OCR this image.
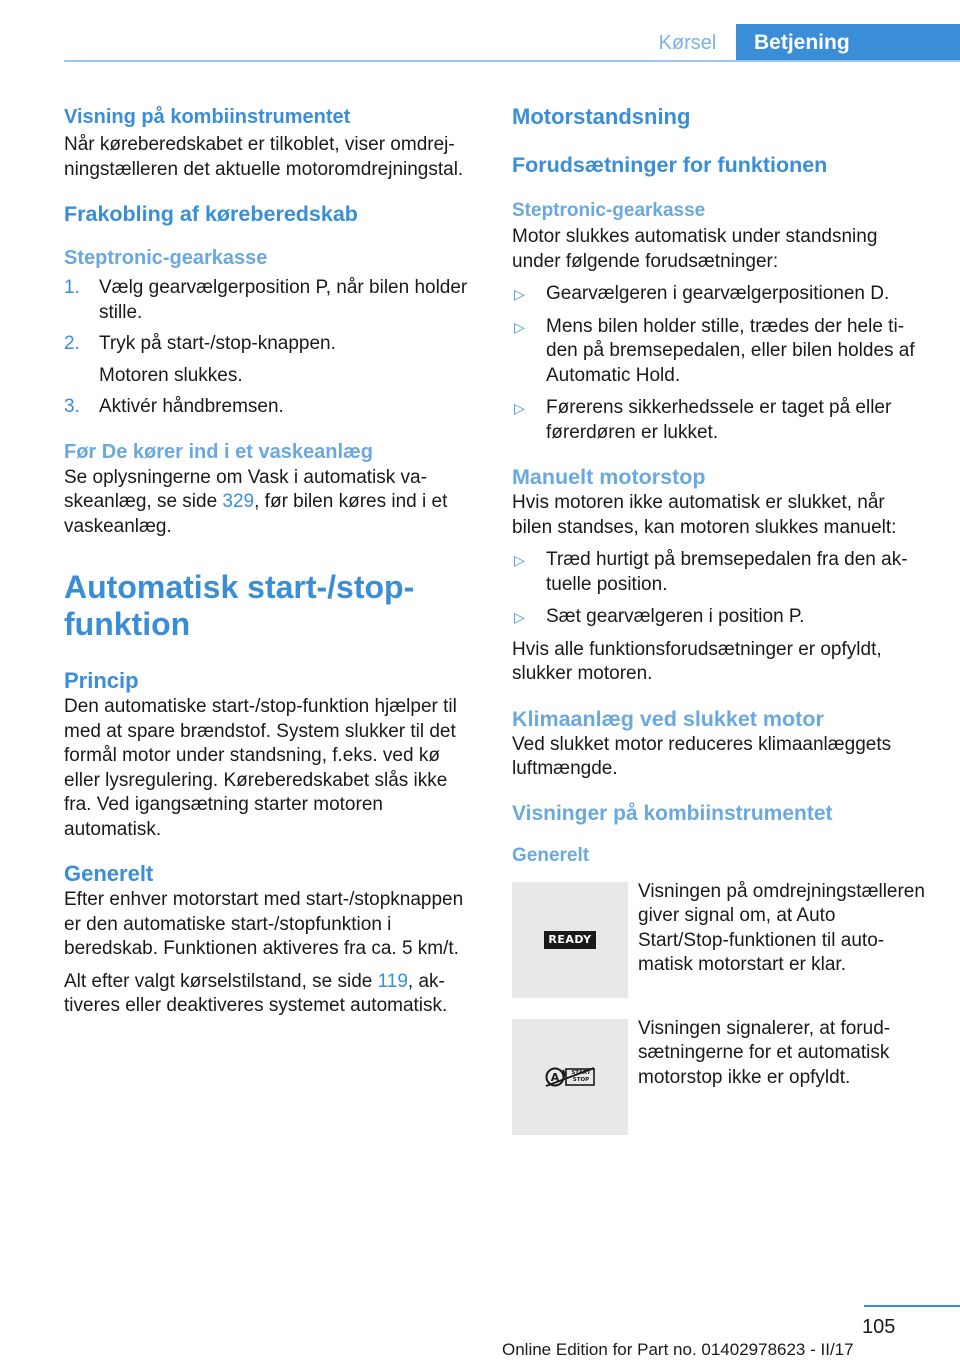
Kørsel	Betjening
Visning på kombiinstrumentet

Når køreberedskabet er tilkoblet, viser omdrejningstælleren det aktuelle motoromdrejningstal.

Frakobling af køreberedskab
Steptronic-gearkasse
1. Vælg gearvælgerposition P, når bilen holder stille.
2. Tryk på start-/stop-knappen.
Motoren slukkes.
3. Aktivér håndbremsen.
Før De kører ind i et vaskeanlæg

Se oplysningerne om Vask i automatisk vaskeanlæg, se side 329, før bilen køres ind i et vaskeanlæg.

Automatisk start-/stop-funktion
Princip

Den automatiske start-/stop-funktion hjælper til med at spare brændstof. System slukker til det formål motor under standsning, f.eks. ved kø eller lysregulering. Køreberedskabet slås ikke fra. Ved igangsætning starter motoren automatisk.

Generelt

Efter enhver motorstart med start-/stopknappen er den automatiske start-/stopfunktion i beredskab. Funktionen aktiveres fra ca. 5 km/t.

Alt efter valgt kørselstilstand, se side 119, aktiveres eller deaktiveres systemet automatisk.

Motorstandsning
Forudsætninger for funktionen
Steptronic-gearkasse

Motor slukkes automatisk under standsning under følgende forudsætninger:

▷ Gearvælgeren i gearvælgerpositionen D.
▷ Mens bilen holder stille, trædes der hele tiden på bremsepedalen, eller bilen holdes af Automatic Hold.
▷ Førerens sikkerhedssele er taget på eller førerdøren er lukket.
Manuelt motorstop

Hvis motoren ikke automatisk er slukket, når bilen standses, kan motoren slukkes manuelt:

▷ Træd hurtigt på bremsepedalen fra den aktuelle position.
▷ Sæt gearvælgeren i position P.

Hvis alle funktionsforudsætninger er opfyldt, slukker motoren.

Klimaanlæg ved slukket motor

Ved slukket motor reduceres klimaanlæggets luftmængde.

Visninger på kombiinstrumentet
Generelt
READY

Visningen på omdrejningstælleren giver signal om, at Auto Start/Stop-funktionen til automatisk motorstart er klar.

A	START STOP

Visningen signalerer, at forudsætningerne for et automatisk motorstop ikke er opfyldt.

105
Online Edition for Part no. 01402978623 - II/17
